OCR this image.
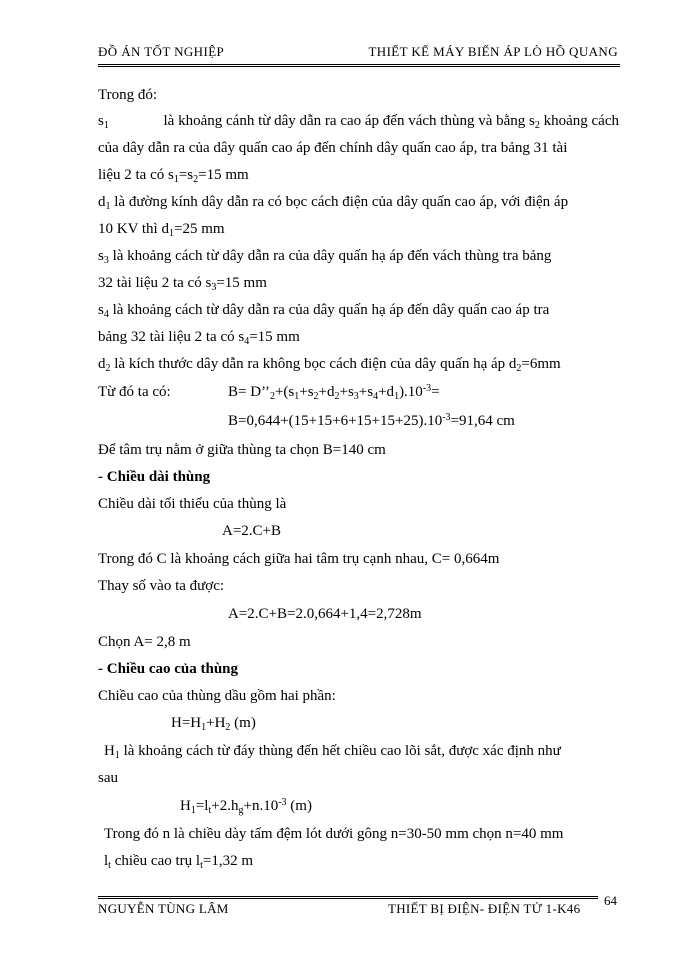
ĐỒ ÁN TỐT NGHIỆP	THIẾT KẾ MÁY BIẾN ÁP LÒ HỒ QUANG
Trong đó:
$s_1$	là khoảng cánh từ dây dẫn ra cao áp đến vách thùng và bằng $s_2$ khoảng cách
của dây dẫn ra của dây quấn cao áp đến chính dây quấn cao áp, tra bảng 31 tài
liệu 2 ta có $s_1=s_2=15$ mm
$d_1$ là đường kính dây dẫn ra có bọc cách điện của dây quấn cao áp, với điện áp
10 KV thì $d_1=25$ mm
$s_3$ là khoảng cách từ dây dẫn ra của dây quấn hạ áp đến vách thùng tra bảng
32 tài liệu 2 ta có $s_3=15$ mm
$s_4$ là khoảng cách từ dây dẫn ra của dây quấn hạ áp đến dây quấn cao áp tra
bảng 32 tài liệu 2 ta có $s_4=15$ mm
$d_2$ là kích thước dây dẫn ra không bọc cách điện của dây quấn hạ áp $d_2=6mm$
Từ đó ta có:	$B= D’’_2+(s_1+s_2+d_2+s_3+s_4+d_1).10^{-3}=$
$B=0,644+(15+15+6+15+15+25).10^{-3}=91,64$ cm
Để tâm trụ nằm ở giữa thùng ta chọn B=140 cm
- Chiều dài thùng
Chiều dài tối thiểu của thùng là
A=2.C+B
Trong đó C là khoảng cách giữa hai tâm trụ cạnh nhau, C= 0,664m
Thay số vào ta được:
A=2.C+B=2.0,664+1,4=2,728m
Chọn A= 2,8 m
- Chiều cao của thùng
Chiều cao của thùng dầu gồm hai phần:
$H=H_1+H_2$ (m)
$H_1$ là khoảng cách từ đáy thùng đến hết chiều cao lõi sắt, được xác định như
sau
$H_1=l_t+2.h_g+n.10^{-3}$ (m)
Trong đó n là chiều dày tấm đệm lót dưới gông n=30-50 mm chọn n=40 mm
$l_t$ chiều cao trụ $l_t=1,32$ m
NGUYỄN TÙNG LÂM	THIẾT BỊ ĐIỆN- ĐIỆN TỬ 1-K46
64
